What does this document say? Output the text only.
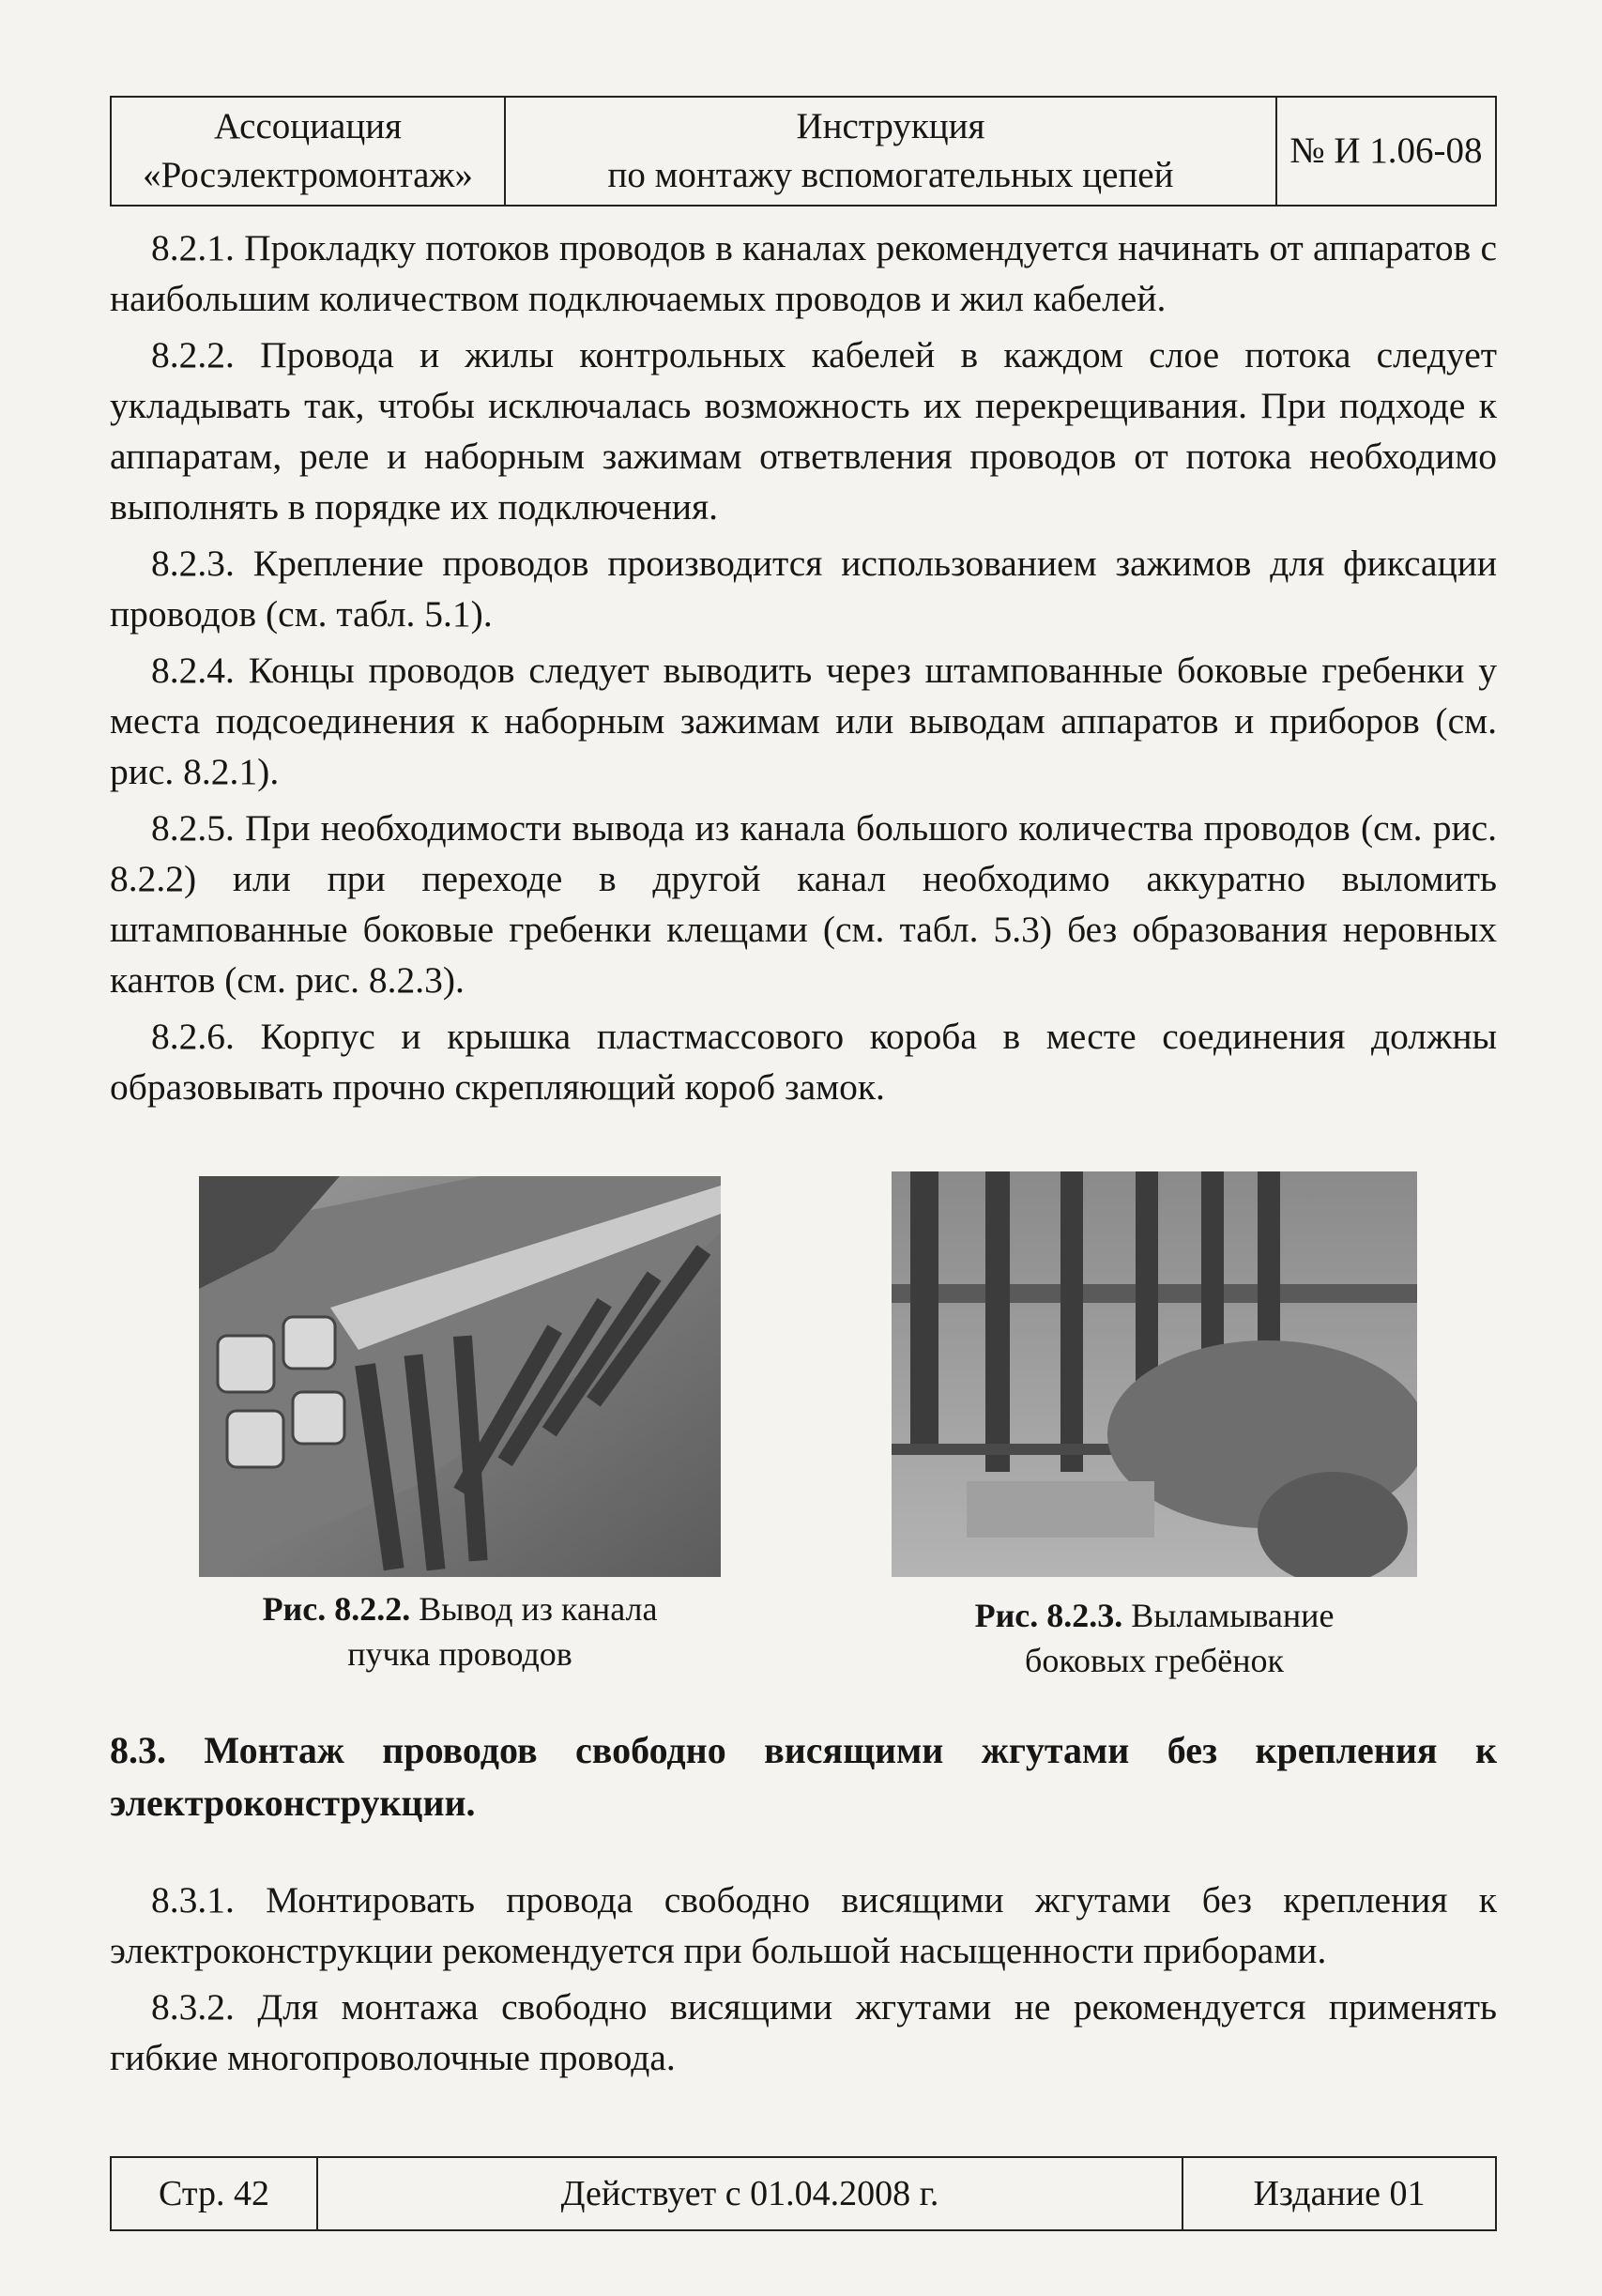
Ассоциация
«Росэлектромонтаж»
Инструкция
по монтажу вспомогательных цепей
№ И 1.06-08

8.2.1. Прокладку потоков проводов в каналах рекомендуется начинать от аппаратов с наибольшим количеством подключаемых проводов и жил кабелей.

8.2.2. Провода и жилы контрольных кабелей в каждом слое потока следует укладывать так, чтобы исключалась возможность их перекрещивания. При подходе к аппаратам, реле и наборным зажимам ответвления проводов от потока необходимо выполнять в порядке их подключения.

8.2.3. Крепление проводов производится использованием зажимов для фиксации проводов (см. табл. 5.1).

8.2.4. Концы проводов следует выводить через штампованные боковые гребенки у места подсоединения к наборным зажимам или выводам аппаратов и приборов (см. рис. 8.2.1).

8.2.5. При необходимости вывода из канала большого количества проводов (см. рис. 8.2.2) или при переходе в другой канал необходимо аккуратно выломить штампованные боковые гребенки клещами (см. табл. 5.3) без образования неровных кантов (см. рис. 8.2.3).

8.2.6. Корпус и крышка пластмассового короба в месте соединения должны образовывать прочно скрепляющий короб замок.

Рис. 8.2.2. Вывод из канала
пучка проводов
Рис. 8.2.3. Выламывание
боковых гребёнок
8.3. Монтаж проводов свободно висящими жгутами без крепления к электроконструкции.

8.3.1. Монтировать провода свободно висящими жгутами без крепления к электроконструкции рекомендуется при большой насыщенности приборами.

8.3.2. Для монтажа свободно висящими жгутами не рекомендуется применять гибкие многопроволочные провода.

Стр. 42	Действует с 01.04.2008 г.	Издание 01
